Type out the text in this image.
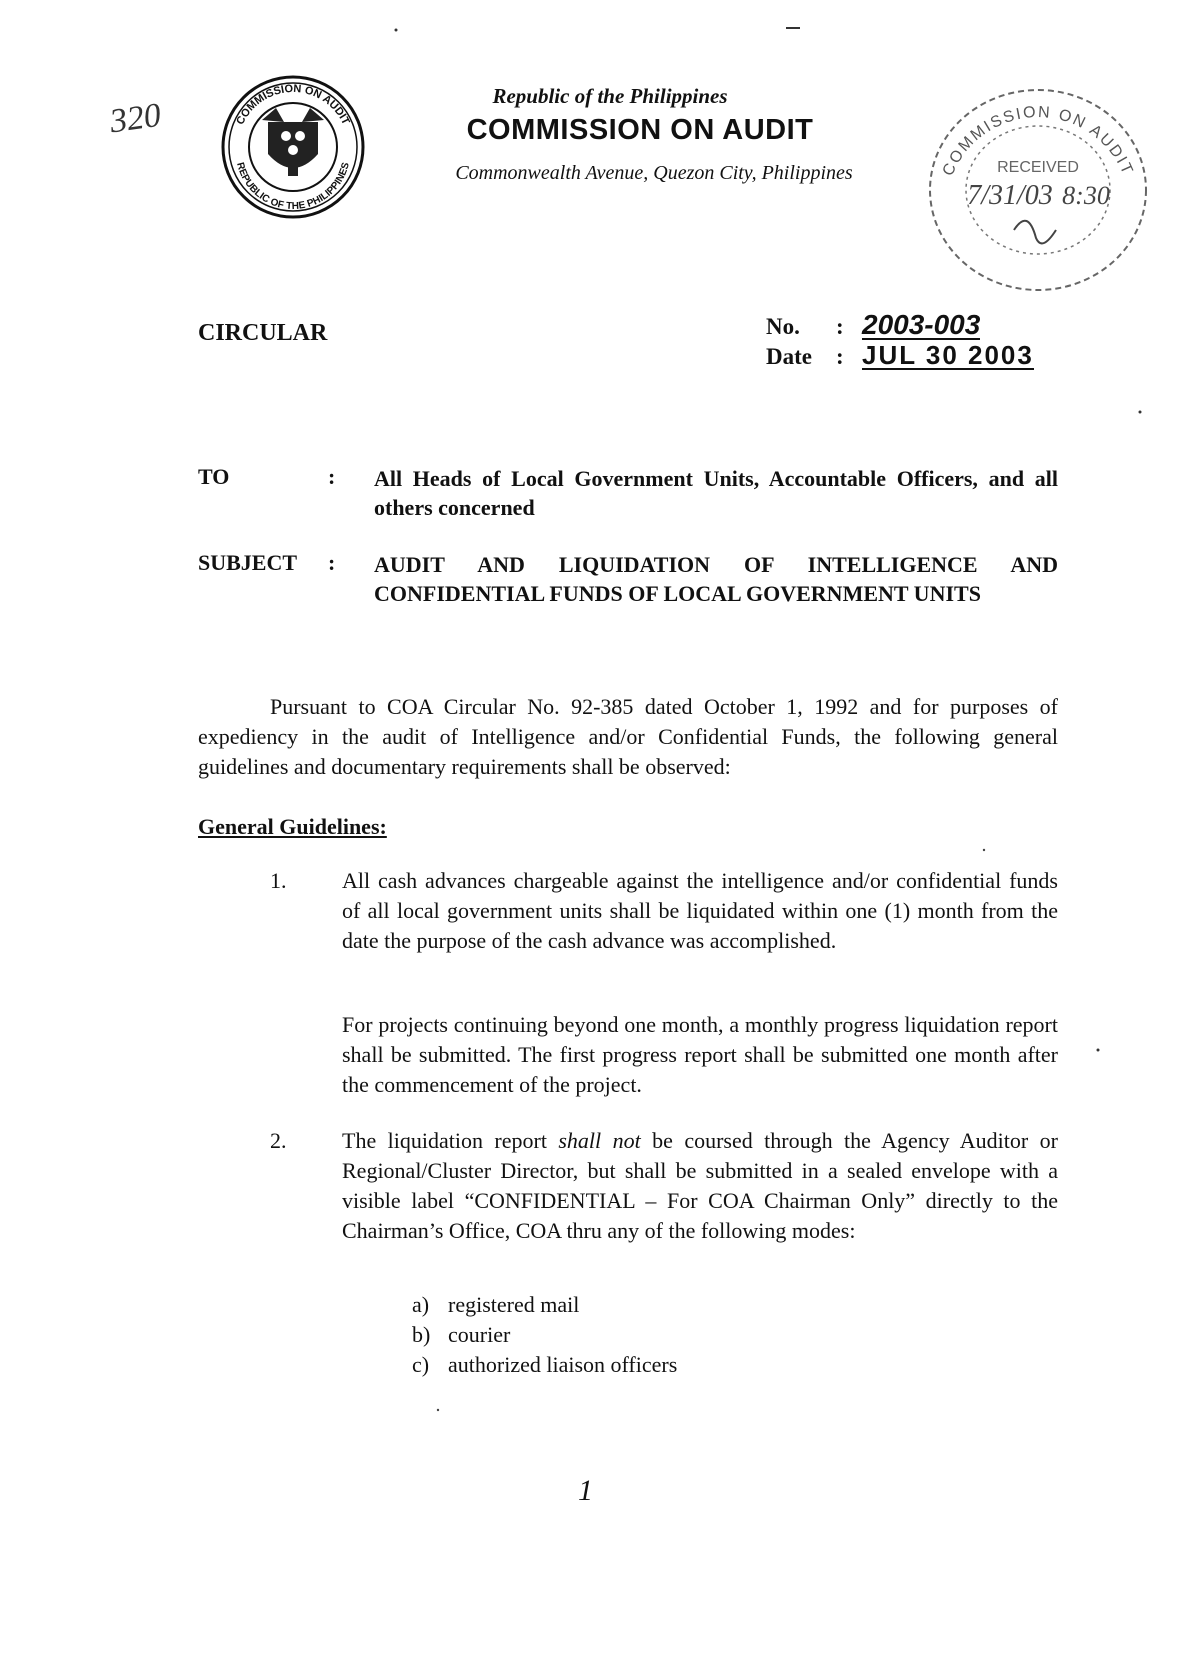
COMMISSION ON AUDIT
REPUBLIC OF THE PHILIPPINES
320
Republic of the Philippines
COMMISSION ON AUDIT
Commonwealth Avenue, Quezon City, Philippines	COMMISSION ON AUDIT
RECEIVED
7/31/03 8:30
CIRCULAR	No.	: 2003-003
Date	: JUL 30 2003
TO	:	All Heads of Local Government Units, Accountable Officers, and all others concerned
SUBJECT	:	AUDIT AND LIQUIDATION OF INTELLIGENCE AND CONFIDENTIAL FUNDS OF LOCAL GOVERNMENT UNITS
Pursuant to COA Circular No. 92-385 dated October 1, 1992 and for purposes of expediency in the audit of Intelligence and/or Confidential Funds, the following general guidelines and documentary requirements shall be observed:
General Guidelines:
1.	All cash advances chargeable against the intelligence and/or confidential funds of all local government units shall be liquidated within one (1) month from the date the purpose of the cash advance was accomplished.
For projects continuing beyond one month, a monthly progress liquidation report shall be submitted. The first progress report shall be submitted one month after the commencement of the project.
2.	The liquidation report shall not be coursed through the Agency Auditor or Regional/Cluster Director, but shall be submitted in a sealed envelope with a visible label “CONFIDENTIAL – For COA Chairman Only” directly to the Chairman’s Office, COA thru any of the following modes:
a) registered mail
b) courier
c) authorized liaison officers
1
